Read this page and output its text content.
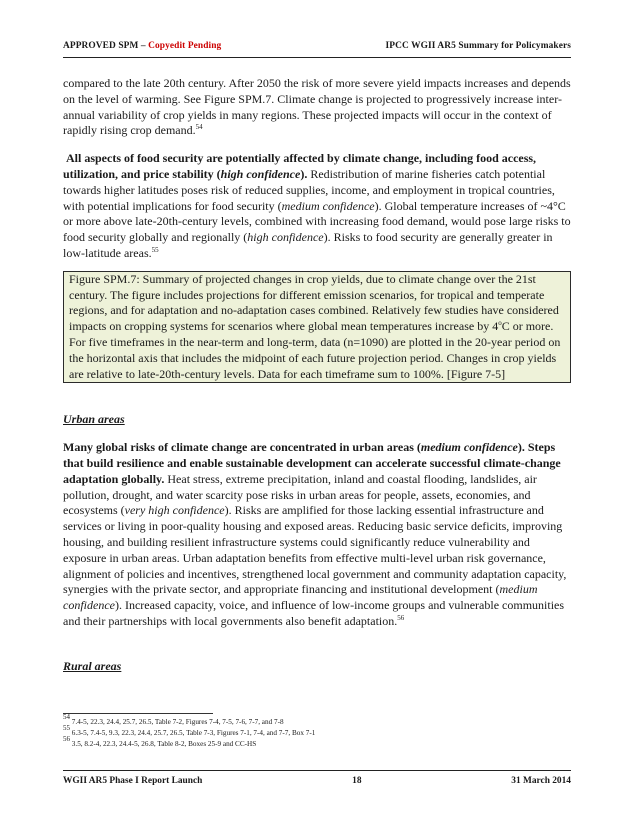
APPROVED SPM – Copyedit Pending	IPCC WGII AR5 Summary for Policymakers

compared to the late 20th century. After 2050 the risk of more severe yield impacts increases and depends on the level of warming. See Figure SPM.7. Climate change is projected to progressively increase inter-annual variability of crop yields in many regions. These projected impacts will occur in the context of rapidly rising crop demand.$^{54}$

All aspects of food security are potentially affected by climate change, including food access, utilization, and price stability (high confidence). Redistribution of marine fisheries catch potential towards higher latitudes poses risk of reduced supplies, income, and employment in tropical countries, with potential implications for food security (medium confidence). Global temperature increases of ~4°C or more above late-20th-century levels, combined with increasing food demand, would pose large risks to food security globally and regionally (high confidence). Risks to food security are generally greater in low-latitude areas.$^{55}$

Figure SPM.7: Summary of projected changes in crop yields, due to climate change over the 21st century. The figure includes projections for different emission scenarios, for tropical and temperate regions, and for adaptation and no-adaptation cases combined. Relatively few studies have considered impacts on cropping systems for scenarios where global mean temperatures increase by 4$^o$C or more. For five timeframes in the near-term and long-term, data (n=1090) are plotted in the 20-year period on the horizontal axis that includes the midpoint of each future projection period. Changes in crop yields are relative to late-20th-century levels. Data for each timeframe sum to 100%. [Figure 7-5]

Urban areas

Many global risks of climate change are concentrated in urban areas (medium confidence). Steps that build resilience and enable sustainable development can accelerate successful climate-change adaptation globally. Heat stress, extreme precipitation, inland and coastal flooding, landslides, air pollution, drought, and water scarcity pose risks in urban areas for people, assets, economies, and ecosystems (very high confidence). Risks are amplified for those lacking essential infrastructure and services or living in poor-quality housing and exposed areas. Reducing basic service deficits, improving housing, and building resilient infrastructure systems could significantly reduce vulnerability and exposure in urban areas. Urban adaptation benefits from effective multi-level urban risk governance, alignment of policies and incentives, strengthened local government and community adaptation capacity, synergies with the private sector, and appropriate financing and institutional development (medium confidence). Increased capacity, voice, and influence of low-income groups and vulnerable communities and their partnerships with local governments also benefit adaptation.$^{56}$

Rural areas

$^{54}$ 7.4-5, 22.3, 24.4, 25.7, 26.5, Table 7-2, Figures 7-4, 7-5, 7-6, 7-7, and 7-8

$^{55}$ 6.3-5, 7.4-5, 9.3, 22.3, 24.4, 25.7, 26.5, Table 7-3, Figures 7-1, 7-4, and 7-7, Box 7-1

$^{56}$ 3.5, 8.2-4, 22.3, 24.4-5, 26.8, Table 8-2, Boxes 25-9 and CC-HS

WGII AR5 Phase I Report Launch	18	31 March 2014
